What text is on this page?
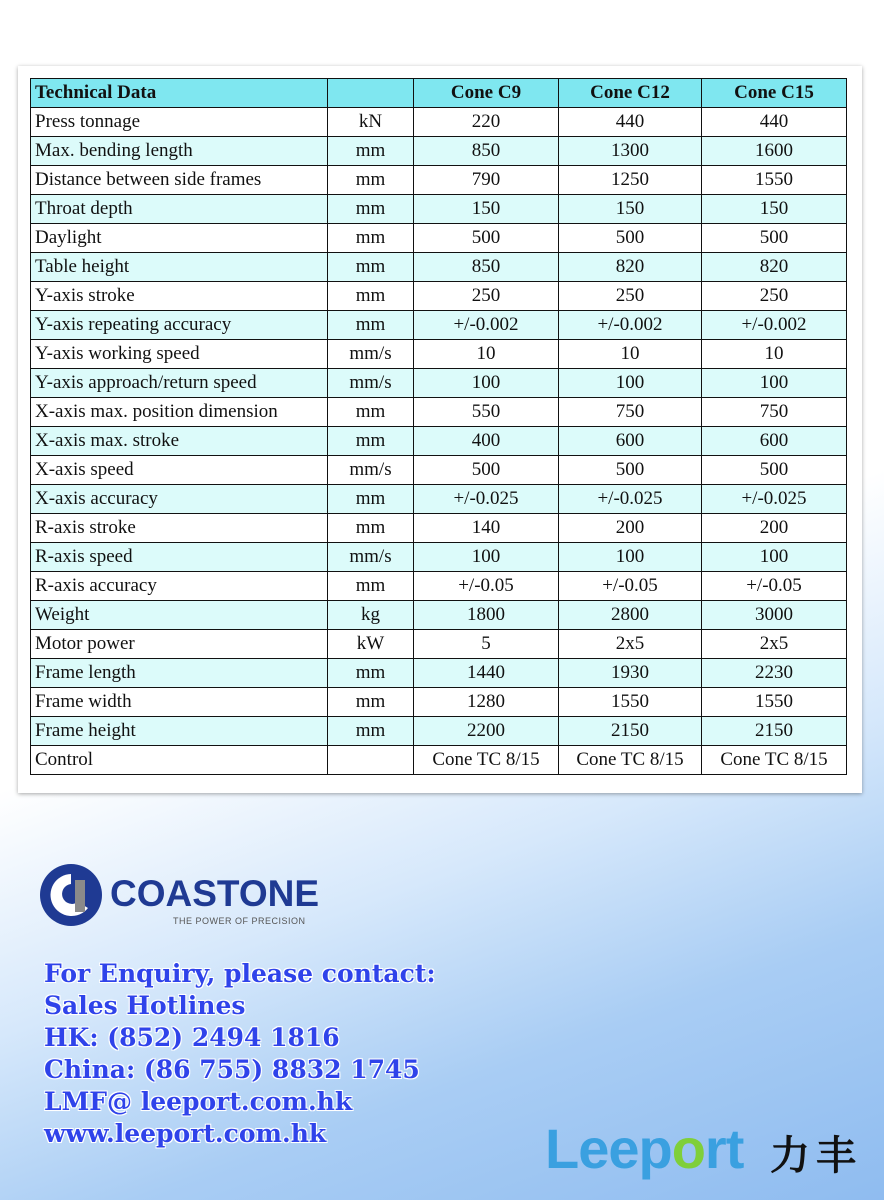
Technical Data		Cone C9	Cone C12	Cone C15
Press tonnage	kN	220	440	440
Max. bending length	mm	850	1300	1600
Distance between side frames	mm	790	1250	1550
Throat depth	mm	150	150	150
Daylight	mm	500	500	500
Table height	mm	850	820	820
Y-axis stroke	mm	250	250	250
Y-axis repeating accuracy	mm	+/-0.002	+/-0.002	+/-0.002
Y-axis working speed	mm/s	10	10	10
Y-axis approach/return speed	mm/s	100	100	100
X-axis max. position dimension	mm	550	750	750
X-axis max. stroke	mm	400	600	600
X-axis speed	mm/s	500	500	500
X-axis accuracy	mm	+/-0.025	+/-0.025	+/-0.025
R-axis stroke	mm	140	200	200
R-axis speed	mm/s	100	100	100
R-axis accuracy	mm	+/-0.05	+/-0.05	+/-0.05
Weight	kg	1800	2800	3000
Motor power	kW	5	2x5	2x5
Frame length	mm	1440	1930	2230
Frame width	mm	1280	1550	1550
Frame height	mm	2200	2150	2150
Control		Cone TC 8/15	Cone TC 8/15	Cone TC 8/15
COASTONE
THE POWER OF PRECISION
For Enquiry, please contact:
Sales Hotlines
HK: (852) 2494 1816
China: (86 755) 8832 1745
LMF@ leeport.com.hk
www.leeport.com.hk	Leeport 力丰
